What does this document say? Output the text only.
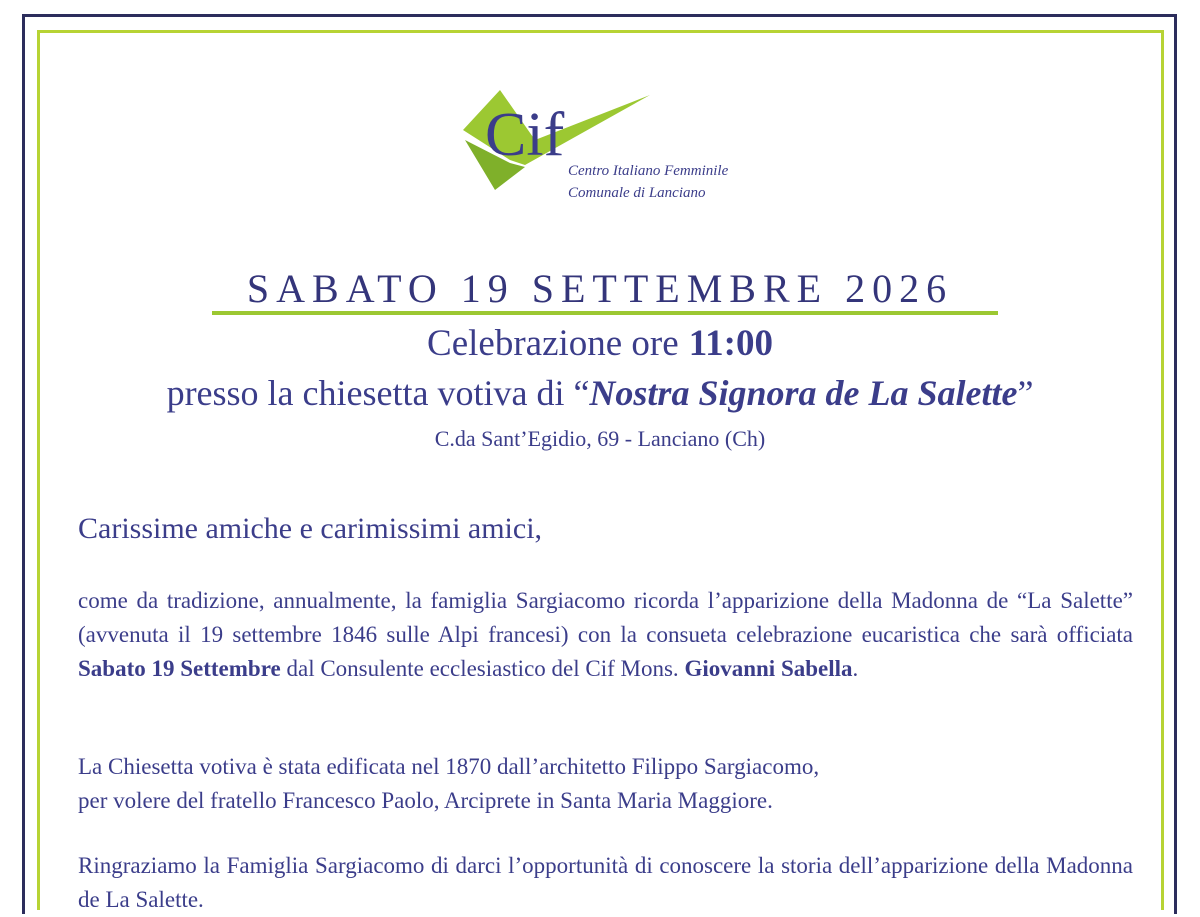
Cif
Centro Italiano Femminile
Comunale di Lanciano
SABATO 19 SETTEMBRE 2026
Celebrazione ore 11:00
presso la chiesetta votiva di “Nostra Signora de La Salette”
C.da Sant’Egidio, 69 - Lanciano (Ch)
Carissime amiche e carimissimi amici,
come da tradizione, annualmente, la famiglia Sargiacomo ricorda l’apparizione della Madonna de “La Salette” (avvenuta il 19 settembre 1846 sulle Alpi francesi) con la consueta celebrazione eucaristica che sarà officiata Sabato 19 Settembre dal Consulente ecclesiastico del Cif Mons. Giovanni Sabella.
La Chiesetta votiva è stata edificata nel 1870 dall’architetto Filippo Sargiacomo,
per volere del fratello Francesco Paolo, Arciprete in Santa Maria Maggiore.
Ringraziamo la Famiglia Sargiacomo di darci l’opportunità di conoscere la storia dell’apparizione della Madonna de La Salette.
